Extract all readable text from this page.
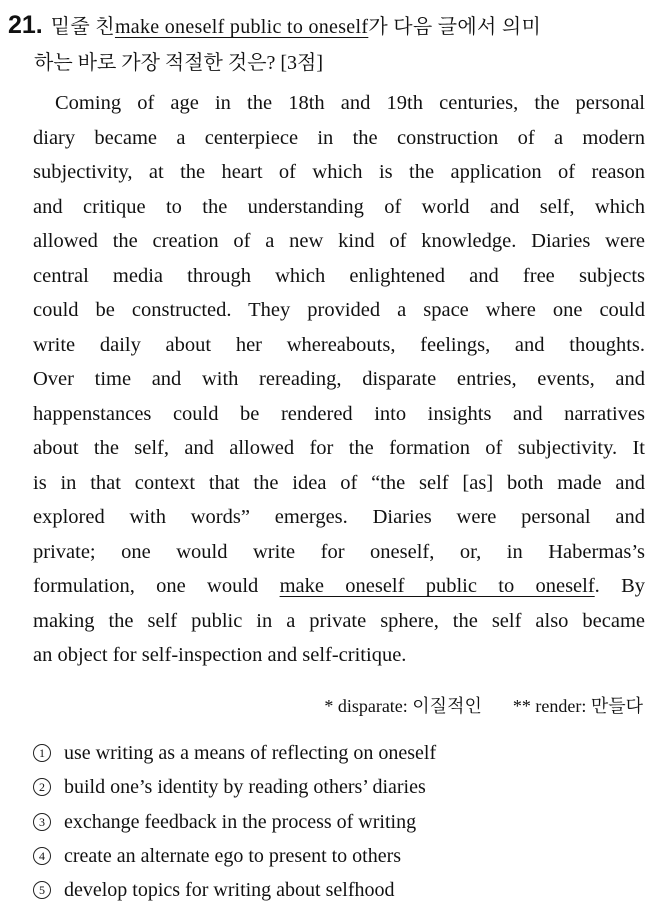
21. 밑줄 친 make oneself public to oneself 가 다음 글에서 의미
하는 바로 가장 적절한 것은? [3점]
Coming of age in the 18th and 19th centuries, the personal
diary became a centerpiece in the construction of a modern
subjectivity, at the heart of which is the application of reason
and critique to the understanding of world and self, which
allowed the creation of a new kind of knowledge. Diaries were
central media through which enlightened and free subjects
could be constructed. They provided a space where one could
write daily about her whereabouts, feelings, and thoughts.
Over time and with rereading, disparate entries, events, and
happenstances could be rendered into insights and narratives
about the self, and allowed for the formation of subjectivity. It
is in that context that the idea of “the self [as] both made and
explored with words” emerges. Diaries were personal and
private; one would write for oneself, or, in Habermas’s
formulation, one would make oneself public to oneself. By
making the self public in a private sphere, the self also became
an object for self-inspection and self-critique.
* disparate: 이질적인 ** render: 만들다
1 use writing as a means of reflecting on oneself
2 build one’s identity by reading others’ diaries
3 exchange feedback in the process of writing
4 create an alternate ego to present to others
5 develop topics for writing about selfhood
